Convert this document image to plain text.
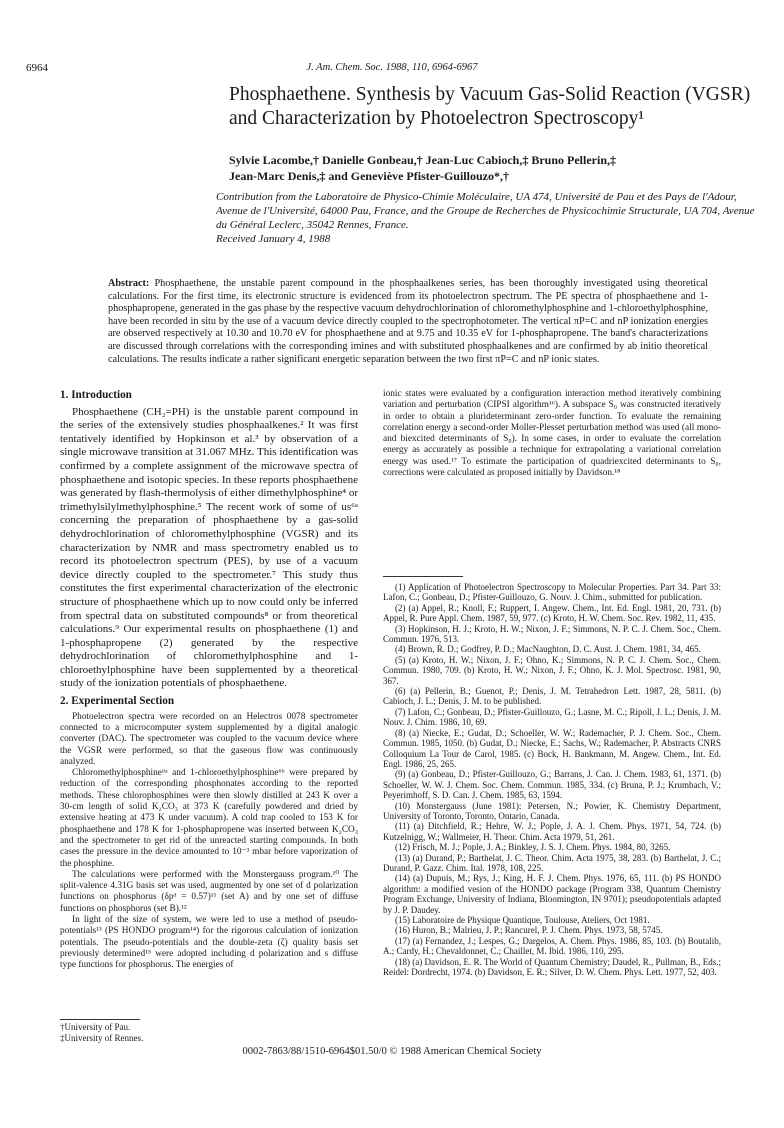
6964	J. Am. Chem. Soc. 1988, 110, 6964-6967
Phosphaethene. Synthesis by Vacuum Gas-Solid Reaction (VGSR) and Characterization by Photoelectron Spectroscopy¹
Sylvie Lacombe,† Danielle Gonbeau,† Jean-Luc Cabioch,‡ Bruno Pellerin,‡
Jean-Marc Denis,‡ and Geneviève Pfister-Guillouzo*,†
Contribution from the Laboratoire de Physico-Chimie Moléculaire, UA 474, Université de Pau et des Pays de l'Adour, Avenue de l'Université, 64000 Pau, France, and the Groupe de Recherches de Physicochimie Structurale, UA 704, Avenue du Général Leclerc, 35042 Rennes, France.
Received January 4, 1988
Abstract: Phosphaethene, the unstable parent compound in the phosphaalkenes series, has been thoroughly investigated using theoretical calculations. For the first time, its electronic structure is evidenced from its photoelectron spectrum. The PE spectra of phosphaethene and 1-phosphapropene, generated in the gas phase by the respective vacuum dehydrochlorination of chloromethylphosphine and 1-chloroethylphosphine, have been recorded in situ by the use of a vacuum device directly coupled to the spectrophotometer. The vertical πP=C and nP ionization energies are observed respectively at 10.30 and 10.70 eV for phosphaethene and at 9.75 and 10.35 eV for 1-phosphapropene. The band's characterizations are discussed through correlations with the corresponding imines and with substituted phosphaalkenes and are confirmed by ab initio theoretical calculations. The results indicate a rather significant energetic separation between the two first πP=C and nP ionic states.
1. Introduction

Phosphaethene (CH₂=PH) is the unstable parent compound in the series of the extensively studies phosphaalkenes.² It was first tentatively identified by Hopkinson et al.³ by observation of a single microwave transition at 31.067 MHz. This identification was confirmed by a complete assignment of the microwave spectra of phosphaethene and isotopic species. In these reports phosphaethene was generated by flash-thermolysis of either dimethylphosphine⁴ or trimethylsilylmethylphosphine.⁵ The recent work of some of us⁶ᵃ concerning the preparation of phosphaethene by a gas-solid dehydrochlorination of chloromethylphosphine (VGSR) and its characterization by NMR and mass spectrometry enabled us to record its photoelectron spectrum (PES), by use of a vacuum device directly coupled to the spectrometer.⁷ This study thus constitutes the first experimental characterization of the electronic structure of phosphaethene which up to now could only be inferred from spectral data on substituted compounds⁸ or from theoretical calculations.⁹ Our experimental results on phosphaethene (1) and 1-phosphapropene (2) generated by the respective dehydrochlorination of chloromethylphosphine and 1-chloroethylphosphine have been supplemented by a theoretical study of the ionization potentials of phosphaethene.

2. Experimental Section

Photoelectron spectra were recorded on an Helectros 0078 spectrometer connected to a microcomputer system supplemented by a digital analogic converter (DAC). The spectrometer was coupled to the vacuum device where the VGSR were performed, so that the gaseous flow was continuously analyzed.

Chloromethylphosphine⁶ᵃ and 1-chloroethylphosphine⁶ᵇ were prepared by reduction of the corresponding phosphonates according to the reported methods. These chlorophosphines were then slowly distilled at 243 K over a 30-cm length of solid K₂CO₃ at 373 K (carefully powdered and dried by extensive heating at 473 K under vacuum). A cold trap cooled to 153 K for phosphaethene and 178 K for 1-phosphapropene was inserted between K₂CO₃ and the spectrometer to get rid of the unreacted starting compounds. In both cases the pressure in the device amounted to 10⁻³ mbar before vaporization of the phosphine.

The calculations were performed with the Monstergauss program.¹⁰ The split-valence 4.31G basis set was used, augmented by one set of d polarization functions on phosphorus (δpᵈ = 0.57)¹¹ (set A) and by one set of diffuse functions on phosphorus (set B).¹²

In light of the size of system, we were led to use a method of pseudo-potentials¹³ (PS HONDO program¹⁴) for the rigorous calculation of ionization potentials. The pseudo-potentials and the double-zeta (ζ) quality basis set previously determined¹⁵ were adopted including d polarization and s diffuse type functions for phosphorus. The energies of

ionic states were evaluated by a configuration interaction method iteratively combining variation and perturbation (CIPSI algorithm¹⁶). A subspace S₀ was constructed iteratively in order to obtain a plurideterminant zero-order function. To evaluate the remaining correlation energy a second-order Moller-Plesset perturbation method was used (all mono- and biexcited determinants of S₀). In some cases, in order to evaluate the correlation energy as accurately as possible a technique for extrapolating a variational correlation energy was used.¹⁷ To estimate the participation of quadriexcited determinants to S₀, corrections were calculated as proposed initially by Davidson.¹⁸

(1) Application of Photoelectron Spectroscopy to Molecular Properties. Part 34. Part 33: Lafon, C.; Gonbeau, D.; Pfister-Guillouzo, G. Nouv. J. Chim., submitted for publication.

(2) (a) Appel, R.; Knoll, F.; Ruppert, I. Angew. Chem., Int. Ed. Engl. 1981, 20, 731. (b) Appel, R. Pure Appl. Chem. 1987, 59, 977. (c) Kroto, H. W. Chem. Soc. Rev. 1982, 11, 435.

(3) Hopkinson, H. J.; Kroto, H. W.; Nixon, J. F.; Simmons, N. P. C. J. Chem. Soc., Chem. Commun. 1976, 513.

(4) Brown, R. D.; Godfrey, P. D.; MacNaughton, D. C. Aust. J. Chem. 1981, 34, 465.

(5) (a) Kroto, H. W.; Nixon, J. F.; Ohno, K.; Simmons, N. P. C. J. Chem. Soc., Chem. Commun. 1980, 709. (b) Kroto, H. W.; Nixon, J. F.; Ohno, K. J. Mol. Spectrosc. 1981, 90, 367.

(6) (a) Pellerin, B.; Guenot, P.; Denis, J. M. Tetrahedron Lett. 1987, 28, 5811. (b) Cabioch, J. L.; Denis, J. M. to be published.

(7) Lafon, C.; Gonbeau, D.; Pfister-Guillouzo, G.; Lasne, M. C.; Ripoll, J. L.; Denis, J. M. Nouv. J. Chim. 1986, 10, 69.

(8) (a) Niecke, E.; Gudat, D.; Schoeller, W. W.; Rademacher, P. J. Chem. Soc., Chem. Commun. 1985, 1050. (b) Gudat, D.; Niecke, E.; Sachs, W.; Rademacher, P. Abstracts CNRS Colloquium La Tour de Carol, 1985. (c) Bock, H. Bankmann, M. Angew. Chem., Int. Ed. Engl. 1986, 25, 265.

(9) (a) Gonbeau, D.; Pfister-Guillouzo, G.; Barrans, J. Can. J. Chem. 1983, 61, 1371. (b) Schoeller, W. W. J. Chem. Soc. Chem. Commun. 1985, 334. (c) Bruna, P. J.; Krumbach, V.; Peyerimhoff, S. D. Can. J. Chem. 1985, 63, 1594.

(10) Monstergauss (June 1981): Petersen, N.; Powier, K. Chemistry Department, University of Toronto, Toronto, Ontario, Canada.

(11) (a) Ditchfield, R.; Hehre, W. J.; Pople, J. A. J. Chem. Phys. 1971, 54, 724. (b) Kutzelnigg, W.; Wallmeier, H. Theor. Chim. Acta 1979, 51, 261.

(12) Frisch, M. J.; Pople, J. A.; Binkley, J. S. J. Chem. Phys. 1984, 80, 3265.

(13) (a) Durand, P.; Barthelat, J. C. Theor. Chim. Acta 1975, 38, 283. (b) Barthelat, J. C.; Durand, P. Gazz. Chim. Ital. 1978, 108, 225.

(14) (a) Dupuis, M.; Rys, J.; King, H. F. J. Chem. Phys. 1976, 65, 111. (b) PS HONDO algorithm: a modified vesion of the HONDO package (Program 338, Quantum Chemistry Program Exchange, University of Indiana, Bloomington, IN 9701); pseudopotentials adapted by J. P. Daudey.

(15) Laboratoire de Physique Quantique, Toulouse, Ateliers, Oct 1981.

(16) Huron, B.; Malrieu, J. P.; Rancurel, P. J. Chem. Phys. 1973, 58, 5745.

(17) (a) Fernandez, J.; Lespes, G.; Dargelos, A. Chem. Phys. 1986, 85, 103. (b) Boutalib, A.; Cardy, H.; Chevaldonnet, C.; Chaillet, M. Ibid. 1986, 110, 295.

(18) (a) Davidson, E. R. The World of Quantum Chemistry; Daudel, R., Pullman, B., Eds.; Reidel: Dordrecht, 1974. (b) Davidson, E. R.; Silver, D. W. Chem. Phys. Lett. 1977, 52, 403.

†University of Pau.
‡University of Rennes.
0002-7863/88/1510-6964$01.50/0 © 1988 American Chemical Society
